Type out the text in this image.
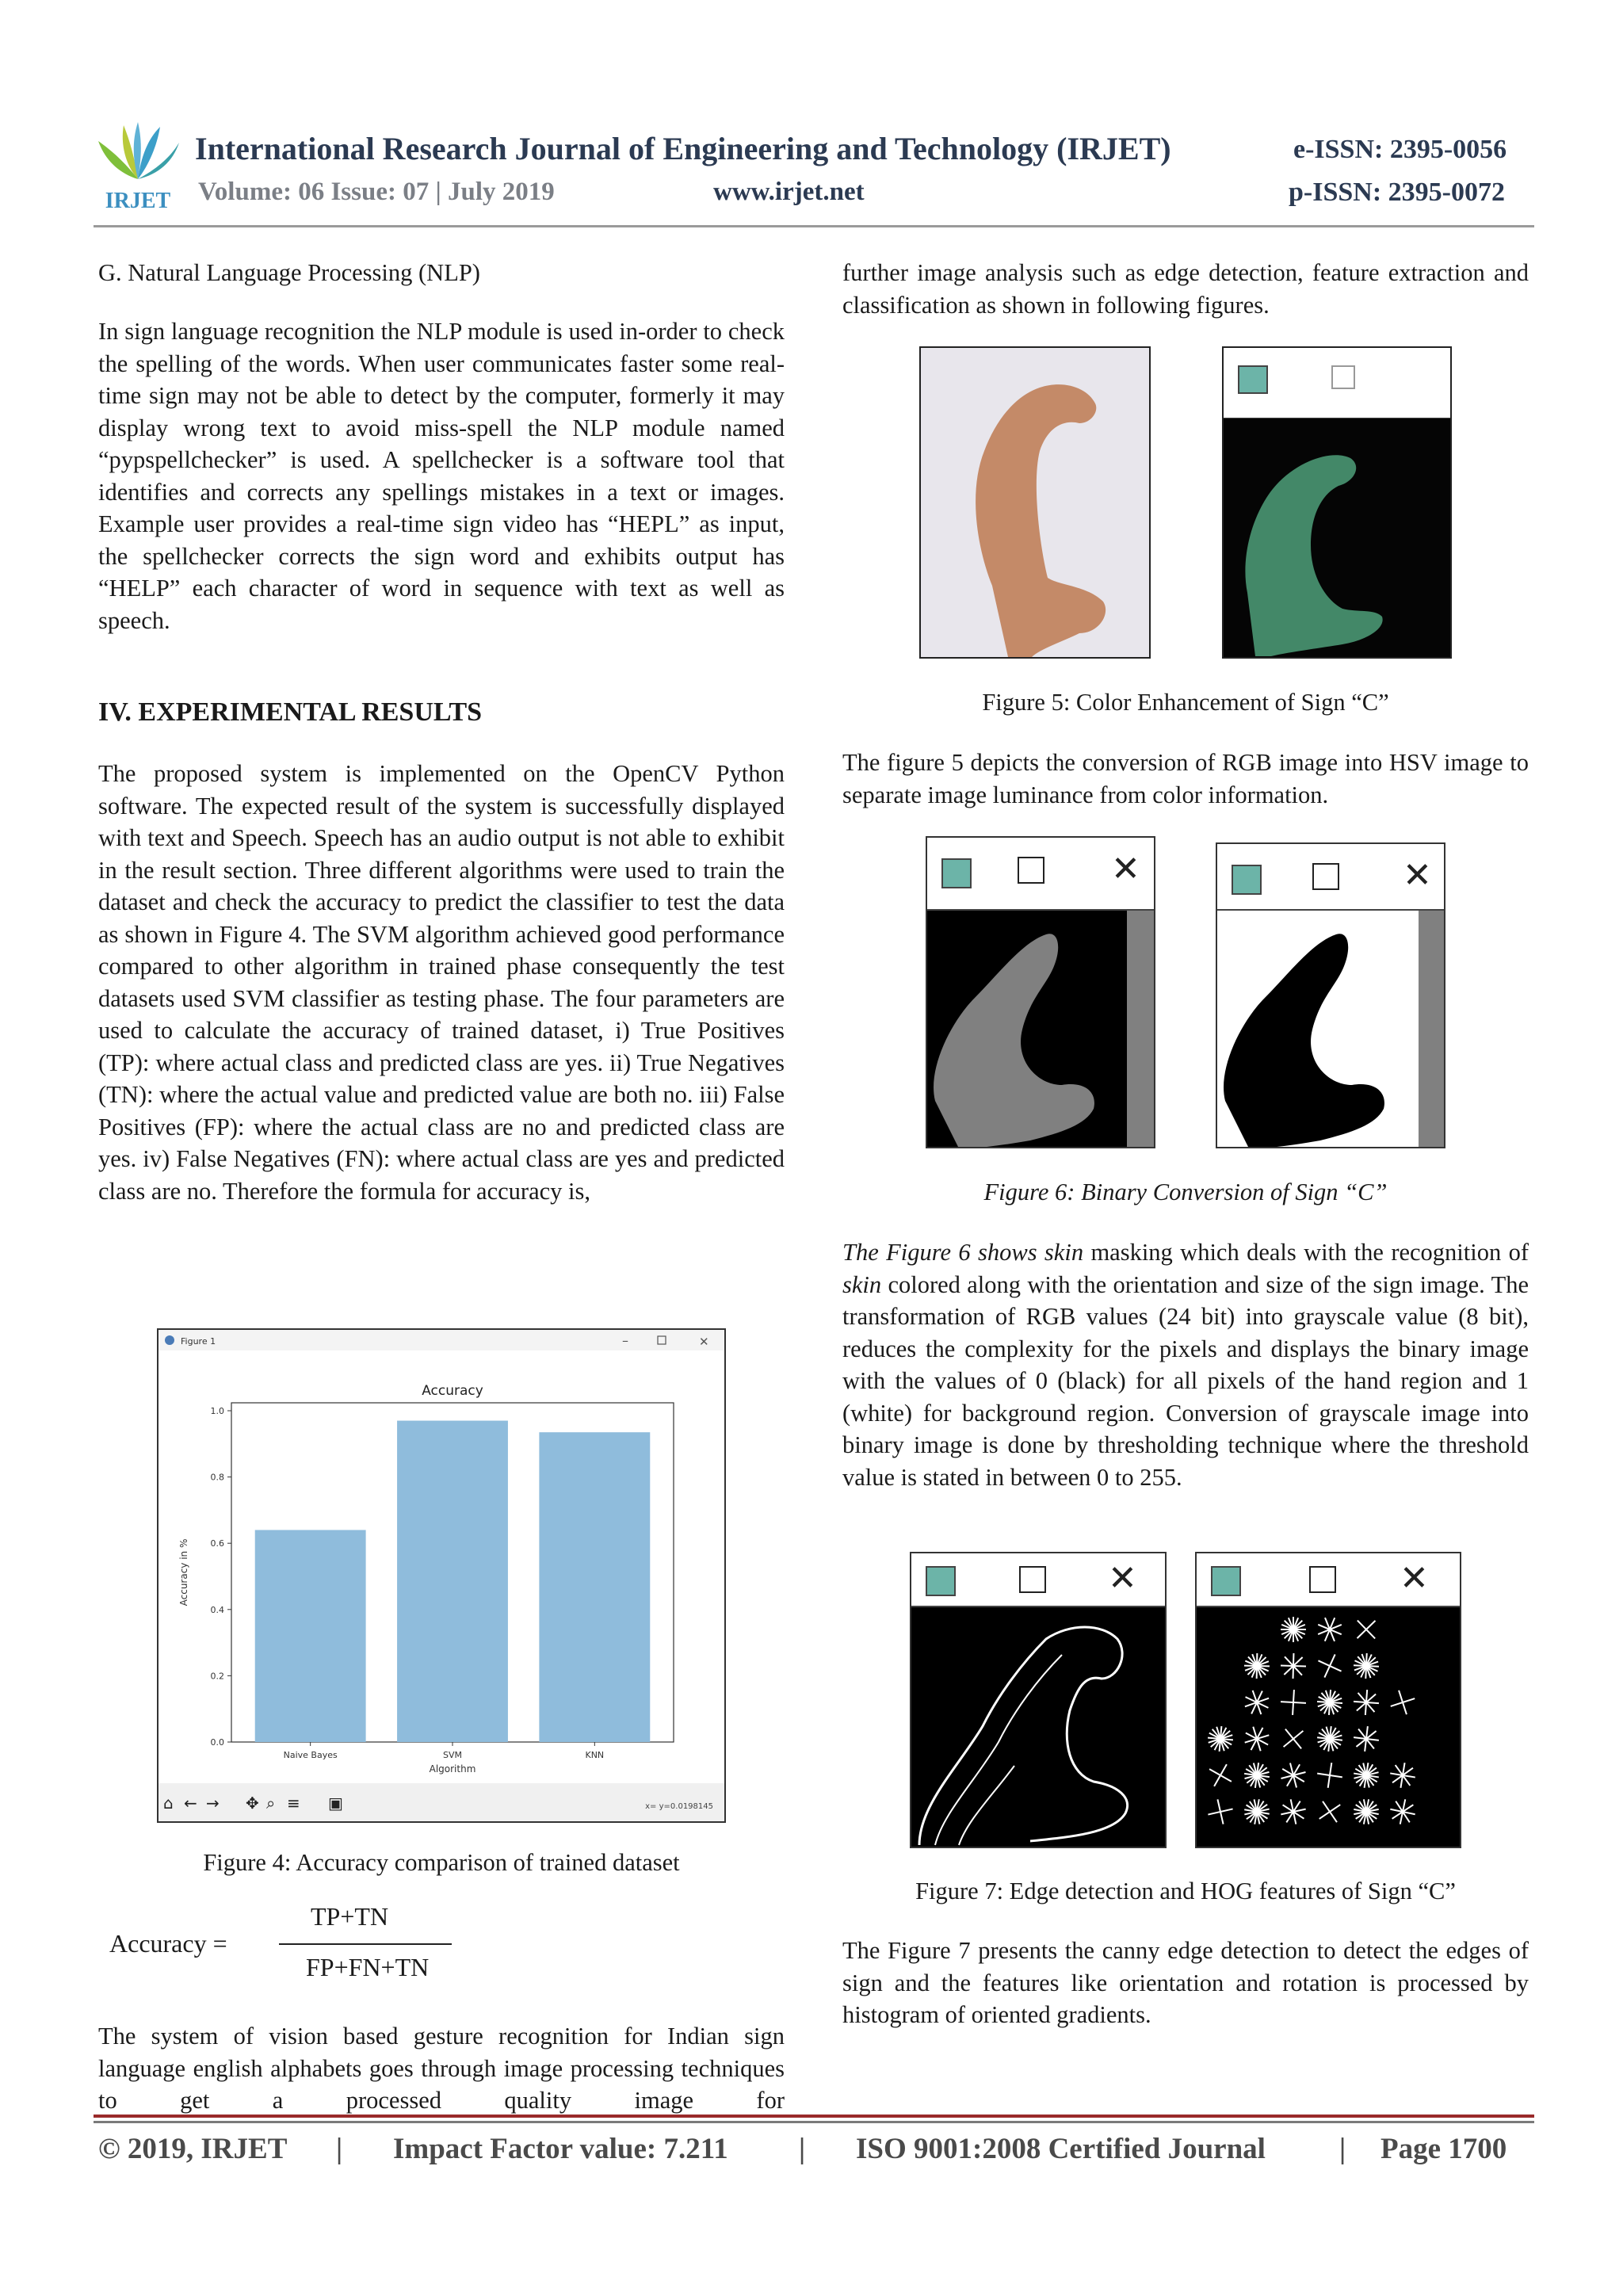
IRJET
International Research Journal of Engineering and Technology (IRJET)	e-ISSN: 2395-0056
Volume: 06 Issue: 07 | July 2019	www.irjet.net	p-ISSN: 2395-0072
G. Natural Language Processing (NLP)
In sign language recognition the NLP module is used in-order to check the spelling of the words. When user communicates faster some real-time sign may not be able to detect by the computer, formerly it may display wrong text to avoid miss-spell the NLP module named “pypspellchecker” is used. A spellchecker is a software tool that identifies and corrects any spellings mistakes in a text or images. Example user provides a real-time sign video has “HEPL” as input, the spellchecker corrects the sign word and exhibits output has “HELP” each character of word in sequence with text as well as speech.
IV. EXPERIMENTAL RESULTS
The proposed system is implemented on the OpenCV Python software. The expected result of the system is successfully displayed with text and Speech. Speech has an audio output is not able to exhibit in the result section. Three different algorithms were used to train the dataset and check the accuracy to predict the classifier to test the data as shown in Figure 4. The SVM algorithm achieved good performance compared to other algorithm in trained phase consequently the test datasets used SVM classifier as testing phase. The four parameters are used to calculate the accuracy of trained dataset, i) True Positives (TP): where actual class and predicted class are yes. ii) True Negatives (TN): where the actual value and predicted value are both no. iii) False Positives (FP): where the actual class are no and predicted class are yes. iv) False Negatives (FN): where actual class are yes and predicted class are no. Therefore the formula for accuracy is,
Figure 1	–	✕
Accuracy
0.0
0.2
0.4
0.6
0.8
1.0
Naive Bayes	SVM	KNN
Algorithm
Accuracy in %
⌂ ← → ✥ ⌕ ≡ ▣	x= y=0.0198145
Figure 4: Accuracy comparison of trained dataset
Accuracy =
TP+TN
FP+FN+TN
The system of vision based gesture recognition for Indian sign language english alphabets goes through image processing techniques to get a processed quality image for
further image analysis such as edge detection, feature extraction and classification as shown in following figures.
Figure 5: Color Enhancement of Sign “C”
The figure 5 depicts the conversion of RGB image into HSV image to separate image luminance from color information.
✕	✕
Figure 6: Binary Conversion of Sign “C”
The Figure 6 shows skin masking which deals with the recognition of skin colored along with the orientation and size of the sign image. The transformation of RGB values (24 bit) into grayscale value (8 bit), reduces the complexity for the pixels and displays the binary image with the values of 0 (black) for all pixels of the hand region and 1 (white) for background region. Conversion of grayscale image into binary image is done by thresholding technique where the threshold value is stated in between 0 to 255.
✕	✕
Figure 7: Edge detection and HOG features of Sign “C”
The Figure 7 presents the canny edge detection to detect the edges of sign and the features like orientation and rotation is processed by histogram of oriented gradients.
© 2019, IRJET | Impact Factor value: 7.211 | ISO 9001:2008 Certified Journal	| Page 1700
